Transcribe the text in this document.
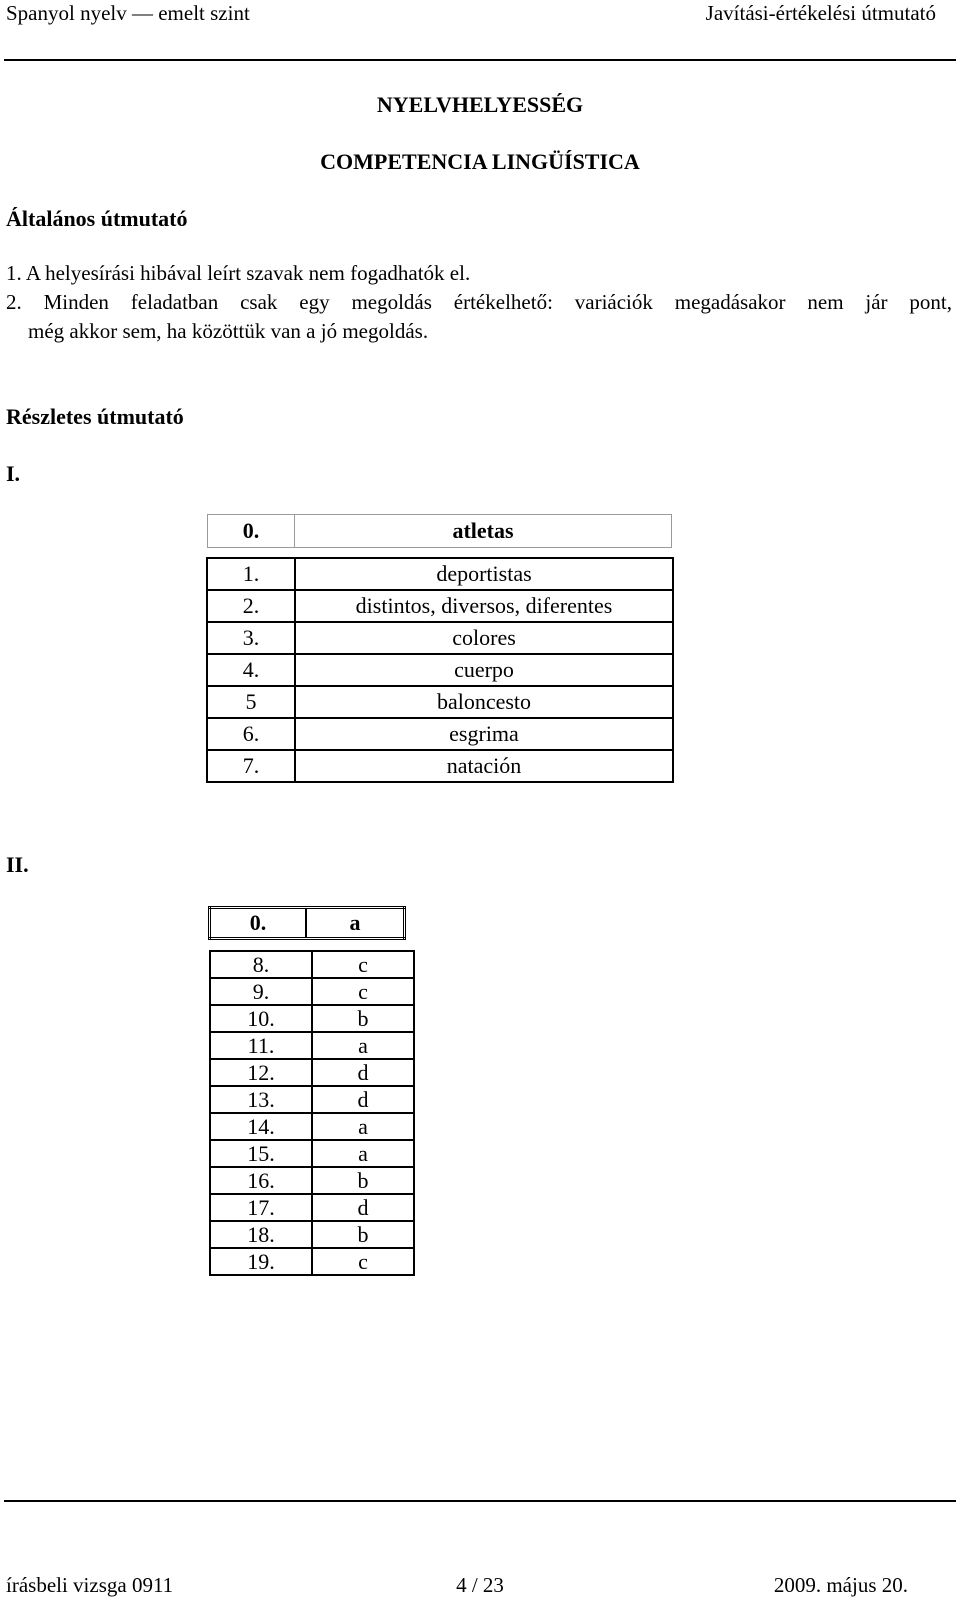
Spanyol nyelv — emelt szint	Javítási-értékelési útmutató
NYELVHELYESSÉG
COMPETENCIA LINGÜÍSTICA
Általános útmutató
1. A helyesírási hibával leírt szavak nem fogadhatók el.
2. Minden feladatban csak egy megoldás értékelhető: variációk megadásakor nem jár pont,
még akkor sem, ha közöttük van a jó megoldás.
Részletes útmutató
I.
0.	atletas
1.	deportistas
2.	distintos, diversos, diferentes
3.	colores
4.	cuerpo
5	baloncesto
6.	esgrima
7.	natación
II.
0.	a
8.	c
9.	c
10.	b
11.	a
12.	d
13.	d
14.	a
15.	a
16.	b
17.	d
18.	b
19.	c
írásbeli vizsga 0911	4 / 23	2009. május 20.
